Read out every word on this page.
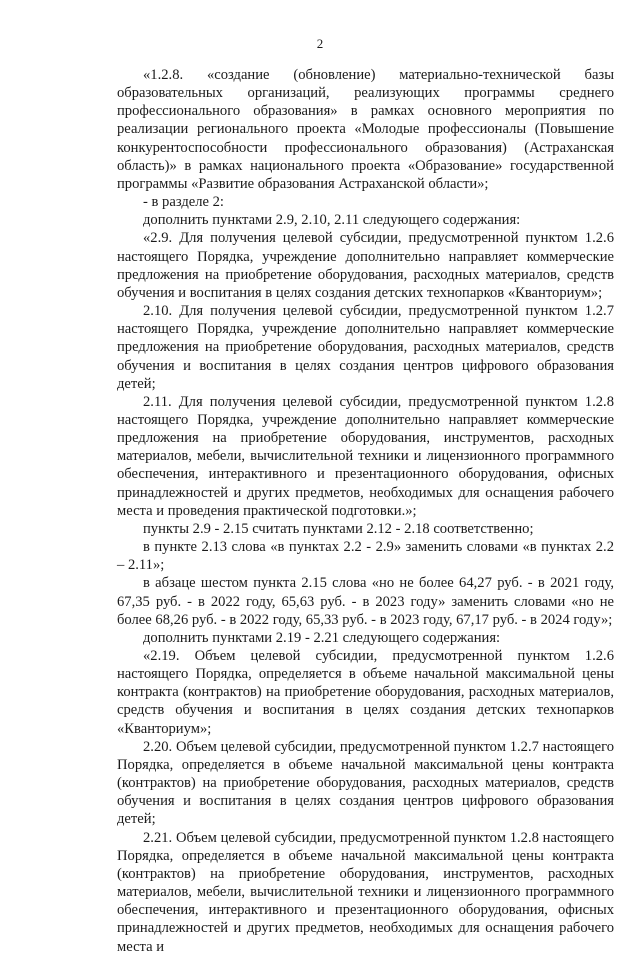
2

«1.2.8. «создание (обновление) материально-технической базы образовательных организаций, реализующих программы среднего профессионального образования» в рамках основного мероприятия по реализации регионального проекта «Молодые профессионалы (Повышение конкурентоспособности профессионального образования) (Астраханская область)» в рамках национального проекта «Образование» государственной программы «Развитие образования Астраханской области»;

- в разделе 2:

дополнить пунктами 2.9, 2.10, 2.11 следующего содержания:

«2.9. Для получения целевой субсидии, предусмотренной пунктом 1.2.6 настоящего Порядка, учреждение дополнительно направляет коммерческие предложения на приобретение оборудования, расходных материалов, средств обучения и воспитания в целях создания детских технопарков «Кванториум»;

2.10. Для получения целевой субсидии, предусмотренной пунктом 1.2.7 настоящего Порядка, учреждение дополнительно направляет коммерческие предложения на приобретение оборудования, расходных материалов, средств обучения и воспитания в целях создания центров цифрового образования детей;

2.11. Для получения целевой субсидии, предусмотренной пунктом 1.2.8 настоящего Порядка, учреждение дополнительно направляет коммерческие предложения на приобретение оборудования, инструментов, расходных материалов, мебели, вычислительной техники и лицензионного программного обеспечения, интерактивного и презентационного оборудования, офисных принадлежностей и других предметов, необходимых для оснащения рабочего места и проведения практической подготовки.»;

пункты 2.9 - 2.15 считать пунктами 2.12 - 2.18 соответственно;

в пункте 2.13 слова «в пунктах 2.2 - 2.9» заменить словами «в пунктах 2.2 – 2.11»;

в абзаце шестом пункта 2.15 слова «но не более 64,27 руб. - в 2021 году, 67,35 руб. - в 2022 году, 65,63 руб. - в 2023 году» заменить словами «но не более 68,26 руб. - в 2022 году, 65,33 руб. - в 2023 году, 67,17 руб. - в 2024 году»;

дополнить пунктами 2.19 - 2.21 следующего содержания:

«2.19. Объем целевой субсидии, предусмотренной пунктом 1.2.6 настоящего Порядка, определяется в объеме начальной максимальной цены контракта (контрактов) на приобретение оборудования, расходных материалов, средств обучения и воспитания в целях создания детских технопарков «Кванториум»;

2.20. Объем целевой субсидии, предусмотренной пунктом 1.2.7 настоящего Порядка, определяется в объеме начальной максимальной цены контракта (контрактов) на приобретение оборудования, расходных материалов, средств обучения и воспитания в целях создания центров цифрового образования детей;

2.21. Объем целевой субсидии, предусмотренной пунктом 1.2.8 настоящего Порядка, определяется в объеме начальной максимальной цены контракта (контрактов) на приобретение оборудования, инструментов, расходных материалов, мебели, вычислительной техники и лицензионного программного обеспечения, интерактивного и презентационного оборудования, офисных принадлежностей и других предметов, необходимых для оснащения рабочего места и
